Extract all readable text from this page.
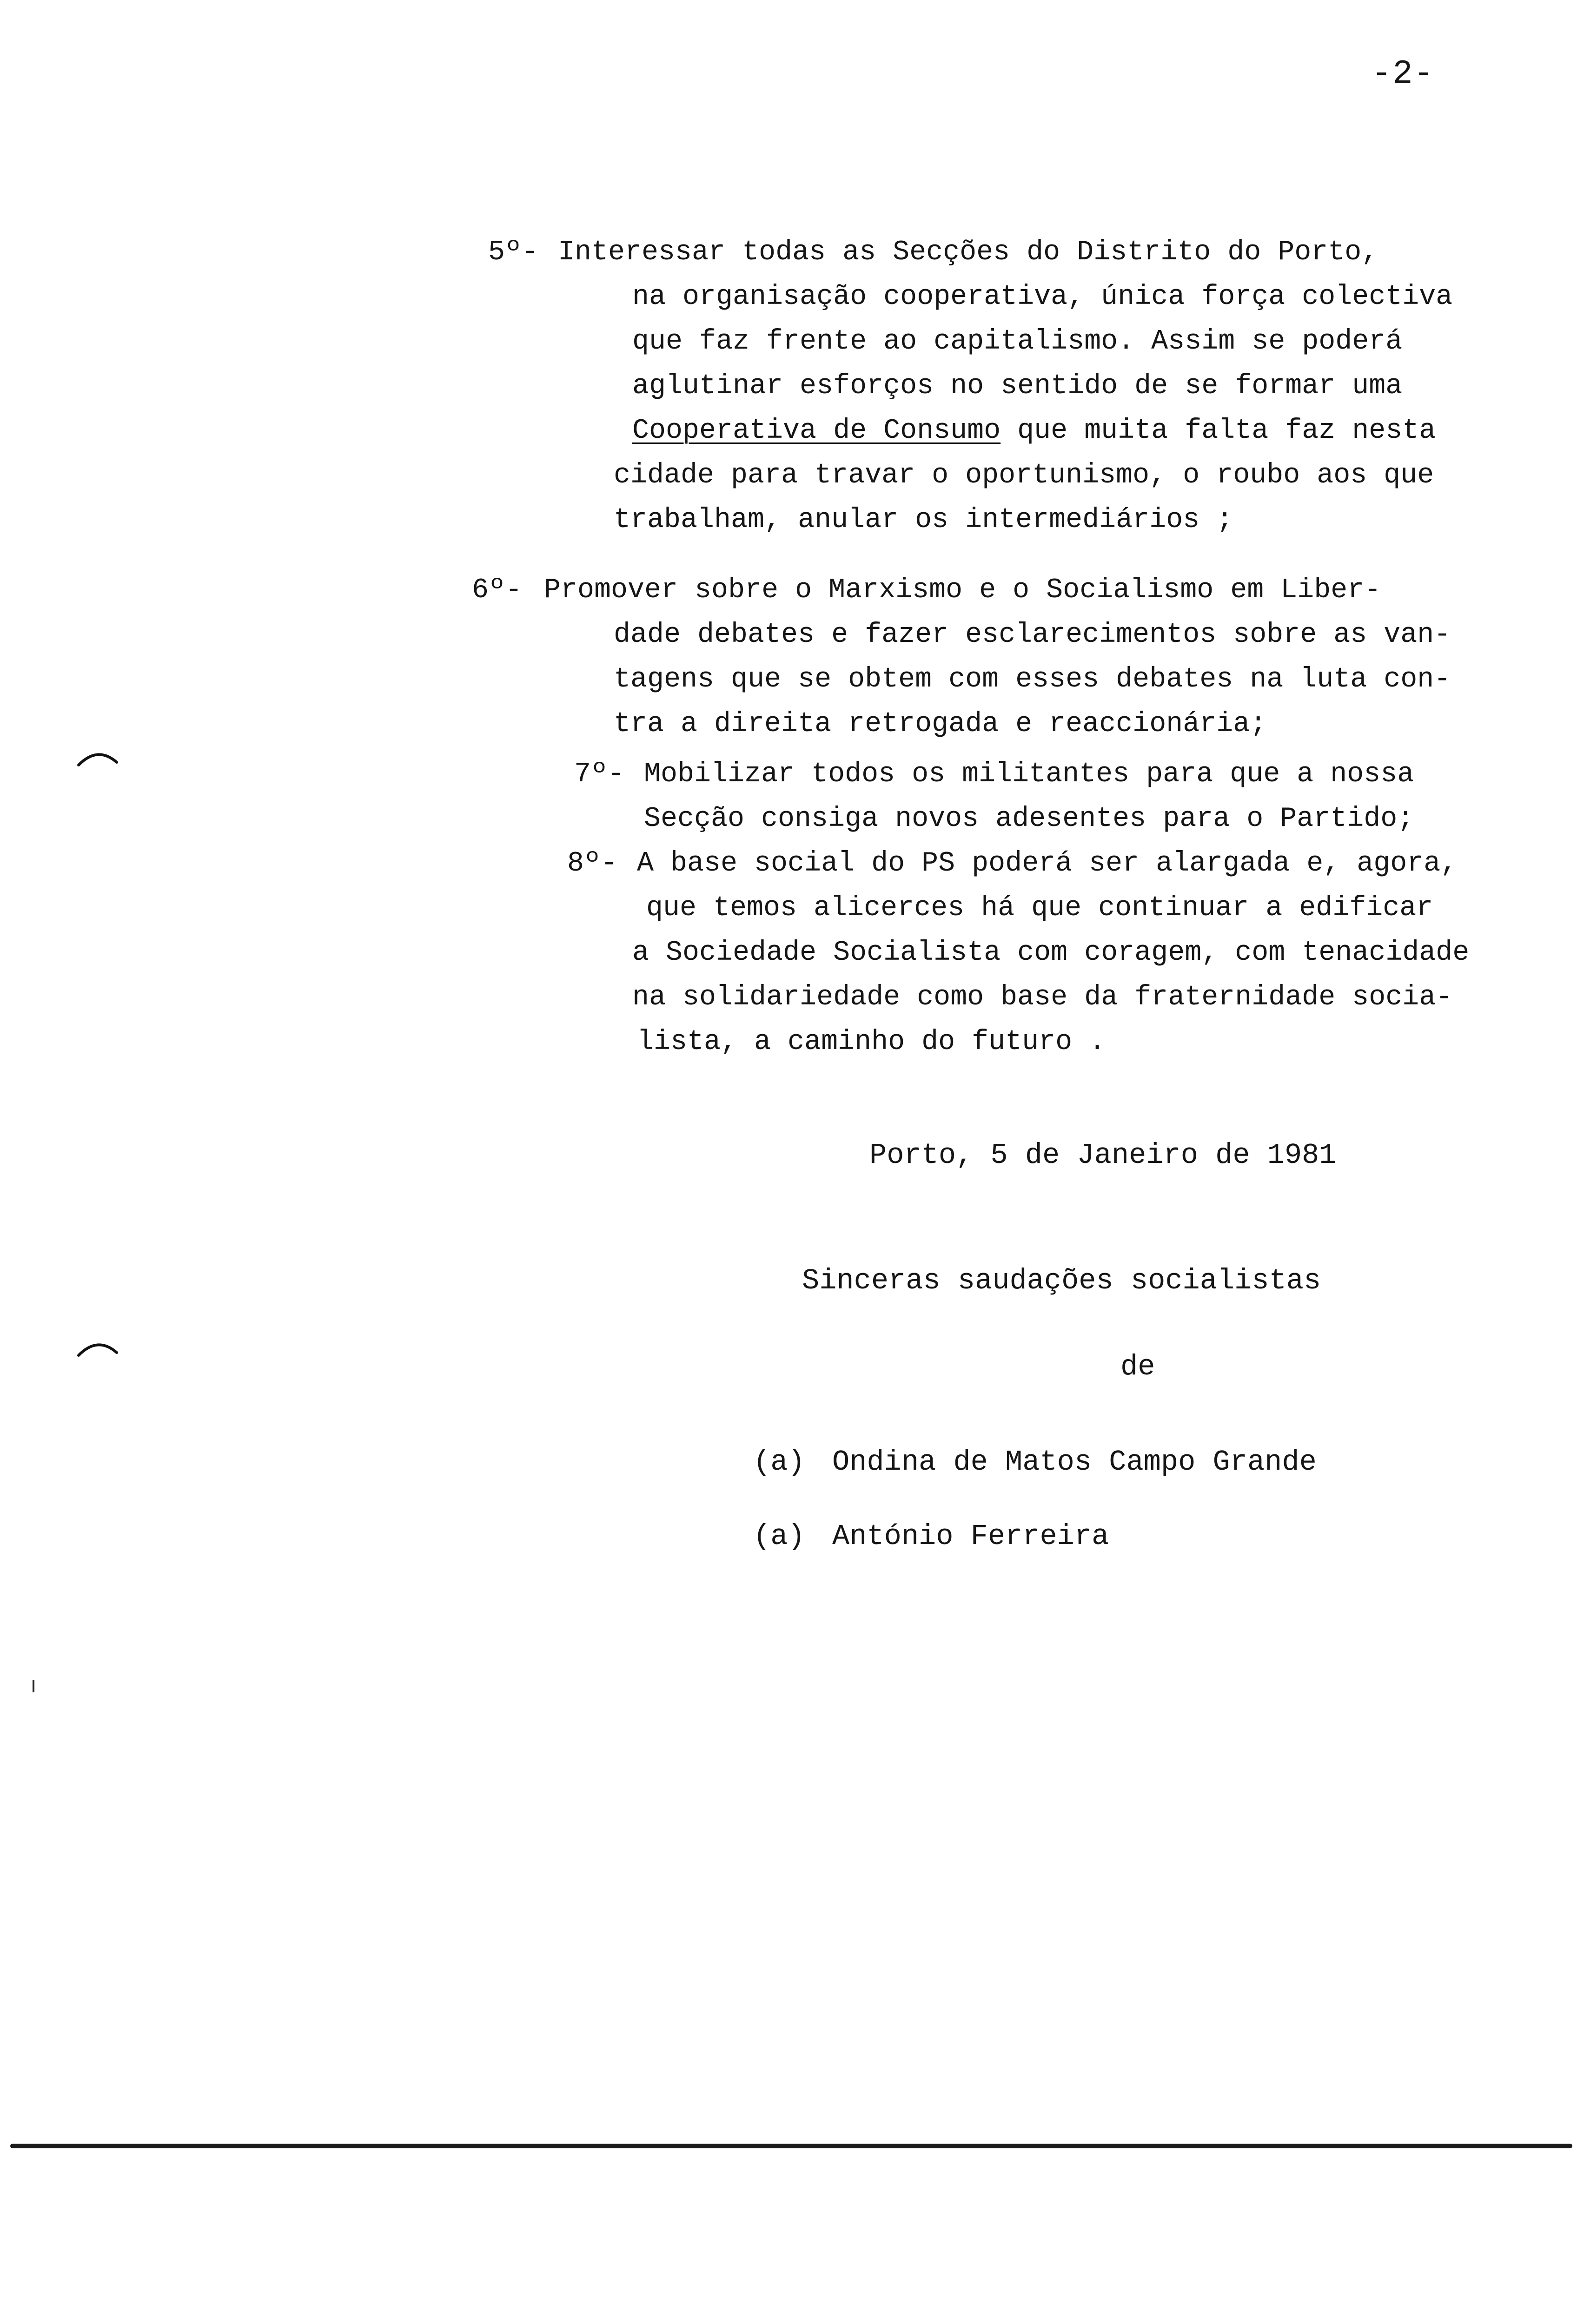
-2-
5º- Interessar todas as Secções do Distrito do Porto,
na organisação cooperativa, única força colectiva
que faz frente ao capitalismo. Assim se poderá
aglutinar esforços no sentido de se formar uma
Cooperativa de Consumo que muita falta faz nesta
cidade para travar o oportunismo, o roubo aos que
trabalham, anular os intermediários ;
6º- Promover sobre o Marxismo e o Socialismo em Liber-
dade debates e fazer esclarecimentos sobre as van-
tagens que se obtem com esses debates na luta con-
tra a direita retrogada e reaccionária;
7º- Mobilizar todos os militantes para que a nossa
Secção consiga novos adesentes para o Partido;
8º- A base social do PS poderá ser alargada e, agora,
que temos alicerces há que continuar a edificar
a Sociedade Socialista com coragem, com tenacidade
na solidariedade como base da fraternidade socia-
lista, a caminho do futuro .
Porto, 5 de Janeiro de 1981
Sinceras saudações socialistas
de
(a) Ondina de Matos Campo Grande
(a) António Ferreira
